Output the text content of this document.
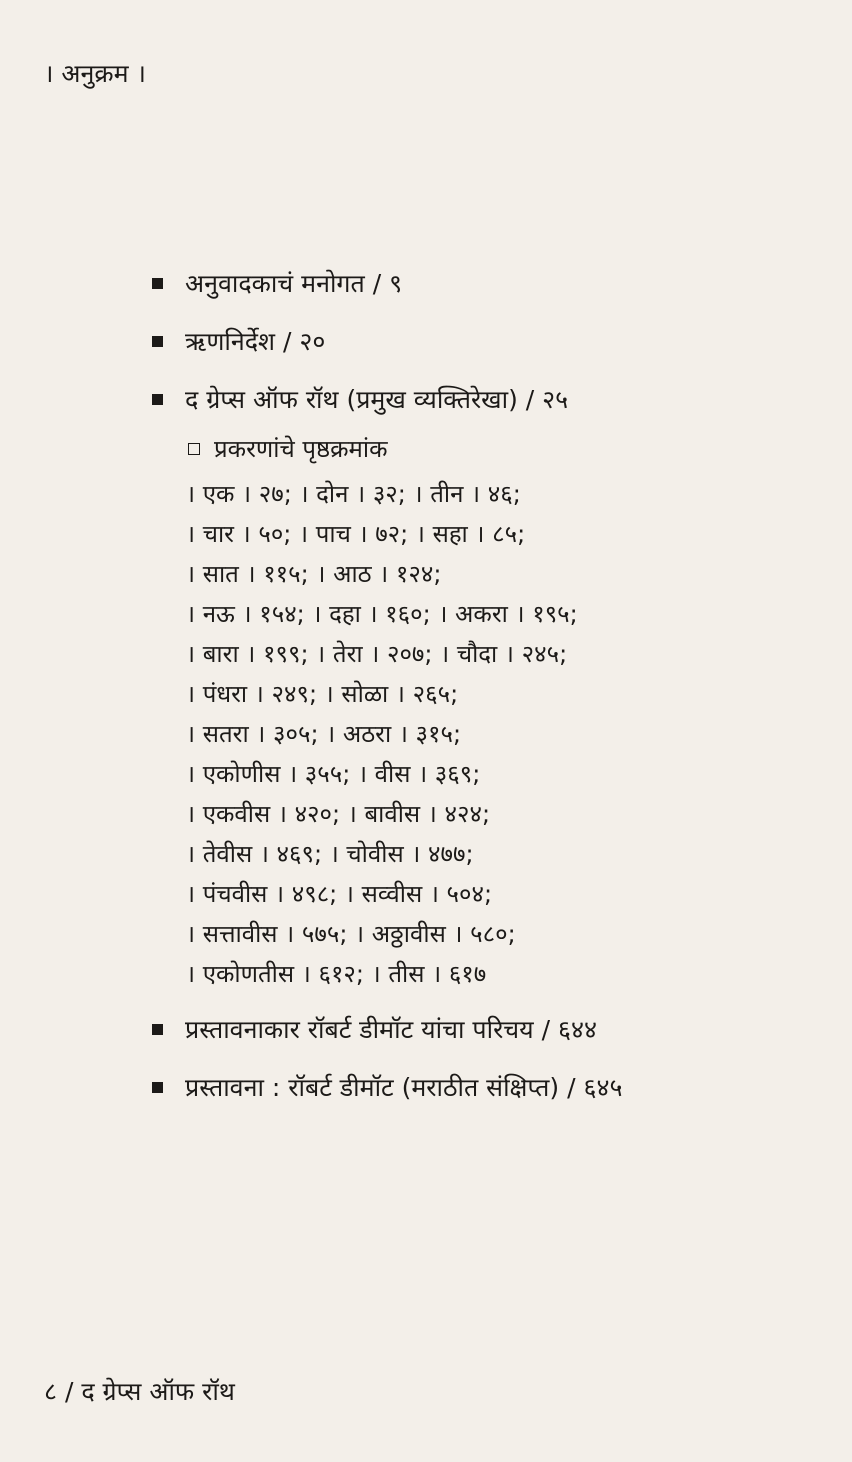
। अनुक्रम ।
अनुवादकाचं मनोगत / ९
ऋणनिर्देश / २०
द ग्रेप्स ऑफ रॉथ (प्रमुख व्यक्तिरेखा) / २५
प्रकरणांचे पृष्ठक्रमांक
। एक । २७; । दोन । ३२; । तीन । ४६;
। चार । ५०; । पाच । ७२; । सहा । ८५;
। सात । ११५; । आठ । १२४;
। नऊ । १५४; । दहा । १६०; । अकरा । १९५;
। बारा । १९९; । तेरा । २०७; । चौदा । २४५;
। पंधरा । २४९; । सोळा । २६५;
। सतरा । ३०५; । अठरा । ३१५;
। एकोणीस । ३५५; । वीस । ३६९;
। एकवीस । ४२०; । बावीस । ४२४;
। तेवीस । ४६९; । चोवीस । ४७७;
। पंचवीस । ४९८; । सव्वीस । ५०४;
। सत्तावीस । ५७५; । अठ्ठावीस । ५८०;
। एकोणतीस । ६१२; । तीस । ६१७
प्रस्तावनाकार रॉबर्ट डीमॉट यांचा परिचय / ६४४
प्रस्तावना : रॉबर्ट डीमॉट (मराठीत संक्षिप्त) / ६४५
८ / द ग्रेप्स ऑफ रॉथ
